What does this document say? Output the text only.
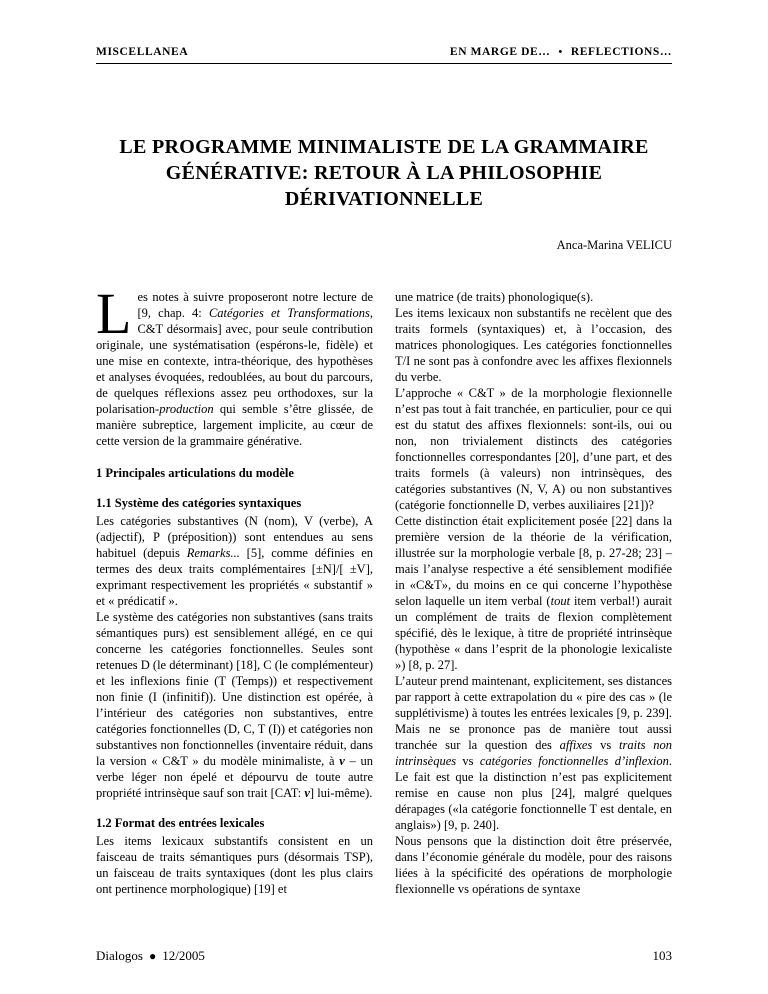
MISCELLANEA	EN MARGE DE… • REFLECTIONS…
LE PROGRAMME MINIMALISTE DE LA GRAMMAIRE
GÉNÉRATIVE: RETOUR À LA PHILOSOPHIE
DÉRIVATIONNELLE
Anca-Marina VELICU

Les notes à suivre proposeront notre lecture de [9, chap. 4: Catégories et Transformations, C&T désormais] avec, pour seule contribution originale, une systématisation (espérons-le, fidèle) et une mise en contexte, intra-théorique, des hypothèses et analyses évoquées, redoublées, au bout du parcours, de quelques réflexions assez peu orthodoxes, sur la polarisation-production qui semble s’être glissée, de manière subreptice, largement implicite, au cœur de cette version de la grammaire générative.

1 Principales articulations du modèle
1.1 Système des catégories syntaxiques

Les catégories substantives (N (nom), V (verbe), A (adjectif), P (préposition)) sont entendues au sens habituel (depuis Remarks... [5], comme définies en termes des deux traits complémentaires [±N]/[ ±V], exprimant respectivement les propriétés « substantif » et « prédicatif ».

Le système des catégories non substantives (sans traits sémantiques purs) est sensiblement allégé, en ce qui concerne les catégories fonctionnelles. Seules sont retenues D (le déterminant) [18], C (le complémenteur) et les inflexions finie (T (Temps)) et respectivement non finie (I (infinitif)). Une distinction est opérée, à l’intérieur des catégories non substantives, entre catégories fonctionnelles (D, C, T (I)) et catégories non substantives non fonctionnelles (inventaire réduit, dans la version « C&T » du modèle minimaliste, à v – un verbe léger non épelé et dépourvu de toute autre propriété intrinsèque sauf son trait [CAT: v] lui-même).

1.2 Format des entrées lexicales

Les items lexicaux substantifs consistent en un faisceau de traits sémantiques purs (désormais TSP), un faisceau de traits syntaxiques (dont les plus clairs ont pertinence morphologique) [19] et

une matrice (de traits) phonologique(s).

Les items lexicaux non substantifs ne recèlent que des traits formels (syntaxiques) et, à l’occasion, des matrices phonologiques. Les catégories fonctionnelles T/I ne sont pas à confondre avec les affixes flexionnels du verbe.

L’approche « C&T » de la morphologie flexionnelle n’est pas tout à fait tranchée, en particulier, pour ce qui est du statut des affixes flexionnels: sont-ils, oui ou non, non trivialement distincts des catégories fonctionnelles correspondantes [20], d’une part, et des traits formels (à valeurs) non intrinsèques, des catégories substantives (N, V, A) ou non substantives (catégorie fonctionnelle D, verbes auxiliaires [21])?

Cette distinction était explicitement posée [22] dans la première version de la théorie de la vérification, illustrée sur la morphologie verbale [8, p. 27-28; 23] – mais l’analyse respective a été sensiblement modifiée in «C&T», du moins en ce qui concerne l’hypothèse selon laquelle un item verbal (tout item verbal!) aurait un complément de traits de flexion complètement spécifié, dès le lexique, à titre de propriété intrinsèque (hypothèse « dans l’esprit de la phonologie lexicaliste ») [8, p. 27].

L’auteur prend maintenant, explicitement, ses distances par rapport à cette extrapolation du « pire des cas » (le supplétivisme) à toutes les entrées lexicales [9, p. 239]. Mais ne se prononce pas de manière tout aussi tranchée sur la question des affixes vs traits non intrinsèques vs catégories fonctionnelles d’inflexion. Le fait est que la distinction n’est pas explicitement remise en cause non plus [24], malgré quelques dérapages («la catégorie fonctionnelle T est dentale, en anglais») [9, p. 240].

Nous pensons que la distinction doit être préservée, dans l’économie générale du modèle, pour des raisons liées à la spécificité des opérations de morphologie flexionnelle vs opérations de syntaxe

Dialogos ● 12/2005	103
